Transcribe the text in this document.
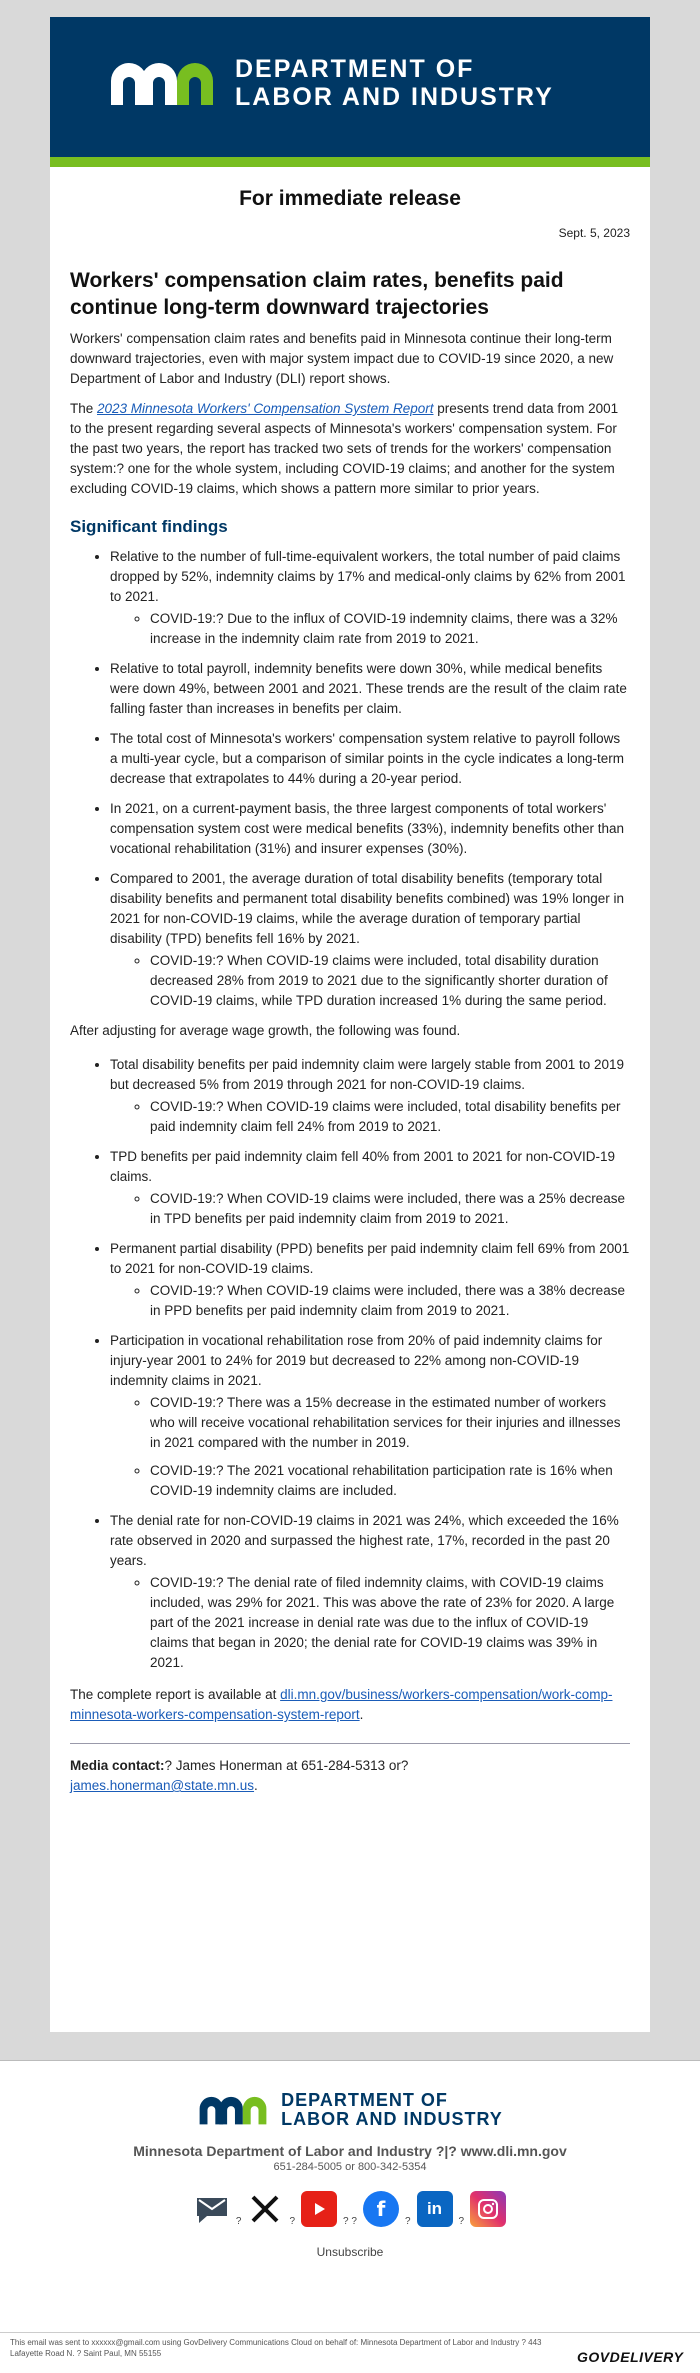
DEPARTMENT OF
LABOR AND INDUSTRY
For immediate release
Sept. 5, 2023
Workers' compensation claim rates, benefits paid continue long-term downward trajectories

Workers' compensation claim rates and benefits paid in Minnesota continue their long-term downward trajectories, even with major system impact due to COVID-19 since 2020, a new Department of Labor and Industry (DLI) report shows.

The 2023 Minnesota Workers' Compensation System Report presents trend data from 2001 to the present regarding several aspects of Minnesota's workers' compensation system. For the past two years, the report has tracked two sets of trends for the workers' compensation system:? one for the whole system, including COVID-19 claims; and another for the system excluding COVID-19 claims, which shows a pattern more similar to prior years.

Significant findings
• Relative to the number of full-time-equivalent workers, the total number of paid claims dropped by 52%, indemnity claims by 17% and medical-only claims by 62% from 2001 to 2021.
◦ COVID-19:? Due to the influx of COVID-19 indemnity claims, there was a 32% increase in the indemnity claim rate from 2019 to 2021.
• Relative to total payroll, indemnity benefits were down 30%, while medical benefits were down 49%, between 2001 and 2021. These trends are the result of the claim rate falling faster than increases in benefits per claim.
• The total cost of Minnesota's workers' compensation system relative to payroll follows a multi-year cycle, but a comparison of similar points in the cycle indicates a long-term decrease that extrapolates to 44% during a 20-year period.
• In 2021, on a current-payment basis, the three largest components of total workers' compensation system cost were medical benefits (33%), indemnity benefits other than vocational rehabilitation (31%) and insurer expenses (30%).
• Compared to 2001, the average duration of total disability benefits (temporary total disability benefits and permanent total disability benefits combined) was 19% longer in 2021 for non-COVID-19 claims, while the average duration of temporary partial disability (TPD) benefits fell 16% by 2021.
◦ COVID-19:? When COVID-19 claims were included, total disability duration decreased 28% from 2019 to 2021 due to the significantly shorter duration of COVID-19 claims, while TPD duration increased 1% during the same period.

After adjusting for average wage growth, the following was found.

• Total disability benefits per paid indemnity claim were largely stable from 2001 to 2019 but decreased 5% from 2019 through 2021 for non-COVID-19 claims.
◦ COVID-19:? When COVID-19 claims were included, total disability benefits per paid indemnity claim fell 24% from 2019 to 2021.
• TPD benefits per paid indemnity claim fell 40% from 2001 to 2021 for non-COVID-19 claims.
◦ COVID-19:? When COVID-19 claims were included, there was a 25% decrease in TPD benefits per paid indemnity claim from 2019 to 2021.
• Permanent partial disability (PPD) benefits per paid indemnity claim fell 69% from 2001 to 2021 for non-COVID-19 claims.
◦ COVID-19:? When COVID-19 claims were included, there was a 38% decrease in PPD benefits per paid indemnity claim from 2019 to 2021.
• Participation in vocational rehabilitation rose from 20% of paid indemnity claims for injury-year 2001 to 24% for 2019 but decreased to 22% among non-COVID-19 indemnity claims in 2021.
◦ COVID-19:? There was a 15% decrease in the estimated number of workers who will receive vocational rehabilitation services for their injuries and illnesses in 2021 compared with the number in 2019.
◦ COVID-19:? The 2021 vocational rehabilitation participation rate is 16% when COVID-19 indemnity claims are included.
• The denial rate for non-COVID-19 claims in 2021 was 24%, which exceeded the 16% rate observed in 2020 and surpassed the highest rate, 17%, recorded in the past 20 years.
◦ COVID-19:? The denial rate of filed indemnity claims, with COVID-19 claims included, was 29% for 2021. This was above the rate of 23% for 2020. A large part of the 2021 increase in denial rate was due to the influx of COVID-19 claims that began in 2020; the denial rate for COVID-19 claims was 39% in 2021.

The complete report is available at dli.mn.gov/business/workers-compensation/work-comp-minnesota-workers-compensation-system-report.

Media contact:? James Honerman at 651-284-5313 or?
james.honerman@state.mn.us.

DEPARTMENT OF
LABOR AND INDUSTRY
Minnesota Department of Labor and Industry ?|? www.dli.mn.gov
651-284-5005 or 800-342-5354
?	?	? ?
f
?
in
?
Unsubscribe
This email was sent to xxxxxx@gmail.com using GovDelivery Communications Cloud on behalf of: Minnesota Department of Labor and Industry ? 443 Lafayette Road N. ? Saint Paul, MN 55155	GOVDELIVERY
